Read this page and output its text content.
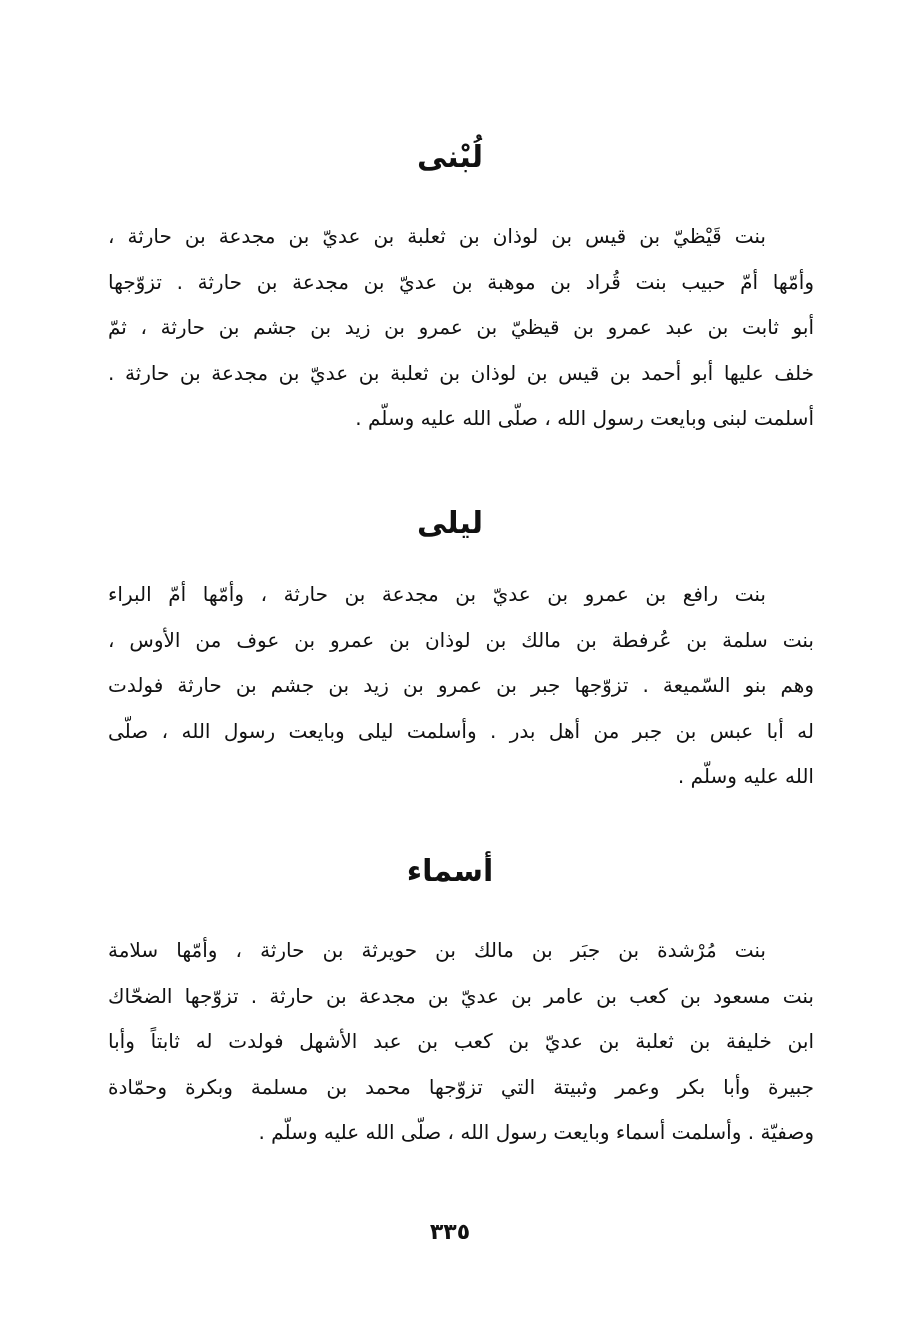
لُبْنى
بنت قَيْظيّ بن قيس بن لوذان بن ثعلبة بن عديّ بن مجدعة بن حارثة ،
وأمّها أمّ حبيب بنت قُراد بن موهبة بن عديّ بن مجدعة بن حارثة . تزوّجها
أبو ثابت بن عبد عمرو بن قيظيّ بن عمرو بن زيد بن جشم بن حارثة ، ثمّ
خلف عليها أبو أحمد بن قيس بن لوذان بن ثعلبة بن عديّ بن مجدعة بن حارثة .
أسلمت لبنى وبايعت رسول الله ، صلّى الله عليه وسلّم .
ليلى
بنت رافع بن عمرو بن عديّ بن مجدعة بن حارثة ، وأمّها أمّ البراء
بنت سلمة بن عُرفطة بن مالك بن لوذان بن عمرو بن عوف من الأوس ،
وهم بنو السّميعة . تزوّجها جبر بن عمرو بن زيد بن جشم بن حارثة فولدت
له أبا عبس بن جبر من أهل بدر . وأسلمت ليلى وبايعت رسول الله ، صلّى
الله عليه وسلّم .
أسماء
بنت مُرْشدة بن جبَر بن مالك بن حويرثة بن حارثة ، وأمّها سلامة
بنت مسعود بن كعب بن عامر بن عديّ بن مجدعة بن حارثة . تزوّجها الضحّاك
ابن خليفة بن ثعلبة بن عديّ بن كعب بن عبد الأشهل فولدت له ثابتاً وأبا
جبيرة وأبا بكر وعمر وثبيتة التي تزوّجها محمد بن مسلمة وبكرة وحمّادة
وصفيّة . وأسلمت أسماء وبايعت رسول الله ، صلّى الله عليه وسلّم .
٣٣٥
